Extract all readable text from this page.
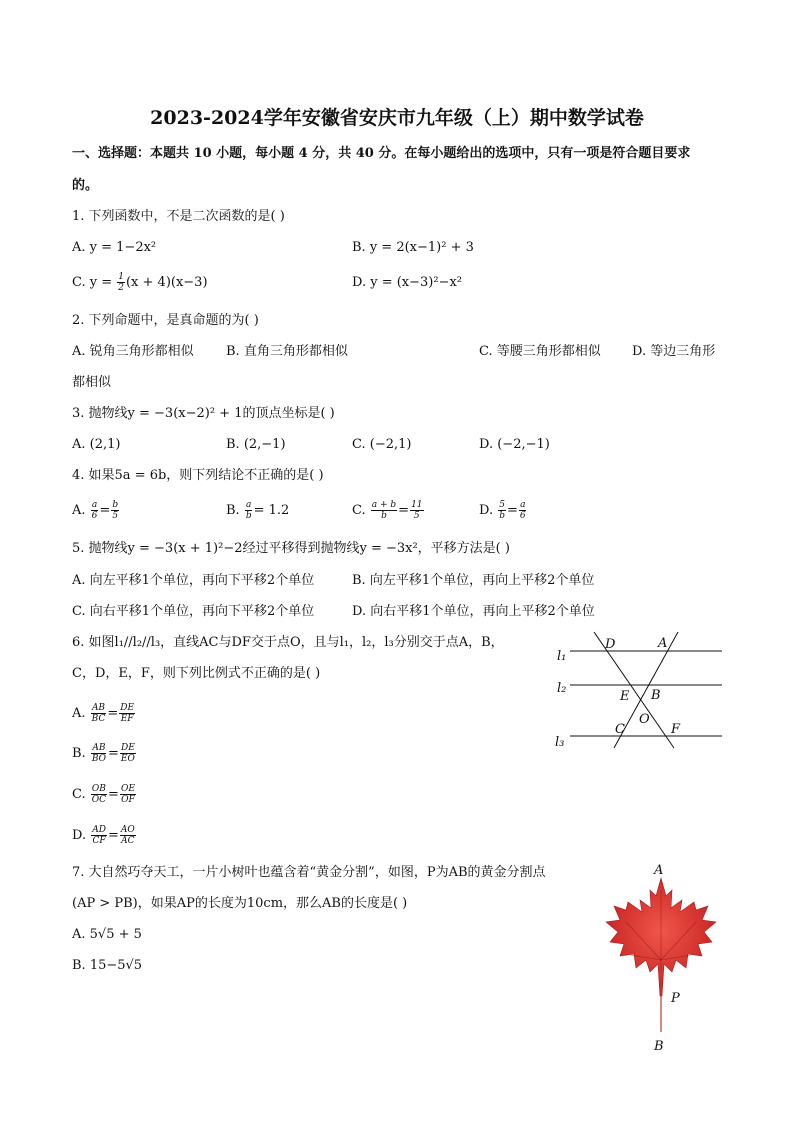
2023-2024学年安徽省安庆市九年级（上）期中数学试卷
一、选择题：本题共 10 小题，每小题 4 分，共 40 分。在每小题给出的选项中，只有一项是符合题目要求
的。
1. 下列函数中，不是二次函数的是( )
A. y = 1−2x²	B. y = 2(x−1)² + 3
C. $y = \frac{1}{2} (x + 4)(x-3)$	D. y = (x−3)²−x²
2. 下列命题中，是真命题的为( )
A. 锐角三角形都相似 B. 直角三角形都相似	C. 等腰三角形都相似 D. 等边三角形
都相似
3. 抛物线y = −3(x−2)² + 1的顶点坐标是( )
A. (2,1)	B. (2,−1)	C. (−2,1)	D. (−2,−1)
4. 如果5a = 6b，则下列结论不正确的是( )
A. $\frac{a}{6} = \frac{b}{5}$	B. $\frac{a}{b} = 1.2$	C. $\frac{a + b}{b} = \frac{11}{5}$	D. $\frac{5}{b} = \frac{a}{6}$
5. 抛物线y = −3(x + 1)²−2经过平移得到抛物线y = −3x²，平移方法是( )
A. 向左平移1个单位，再向下平移2个单位	B. 向左平移1个单位，再向上平移2个单位
C. 向右平移1个单位，再向下平移2个单位	D. 向右平移1个单位，再向上平移2个单位
6. 如图l₁//l₂//l₃，直线AC与DF交于点O，且与l₁，l₂，l₃分别交于点A，B，
C，D，E，F，则下列比例式不正确的是( )
A. $\frac{AB}{BC} = \frac{DE}{EF}$
B. $\frac{AB}{BO} = \frac{DE}{EO}$
C. $\frac{OB}{OC} = \frac{OE}{OF}$
D. $\frac{AD}{CF} = \frac{AO}{AC}$
l₁
l₂
l₃
D	A
E B
C
O
F
7. 大自然巧夺天工，一片小树叶也蕴含着“黄金分割”，如图，P为AB的黄金分割点
(AP > PB)，如果AP的长度为10cm，那么AB的长度是( )
A. 5√5 + 5
B. 15−5√5
A
P
B
